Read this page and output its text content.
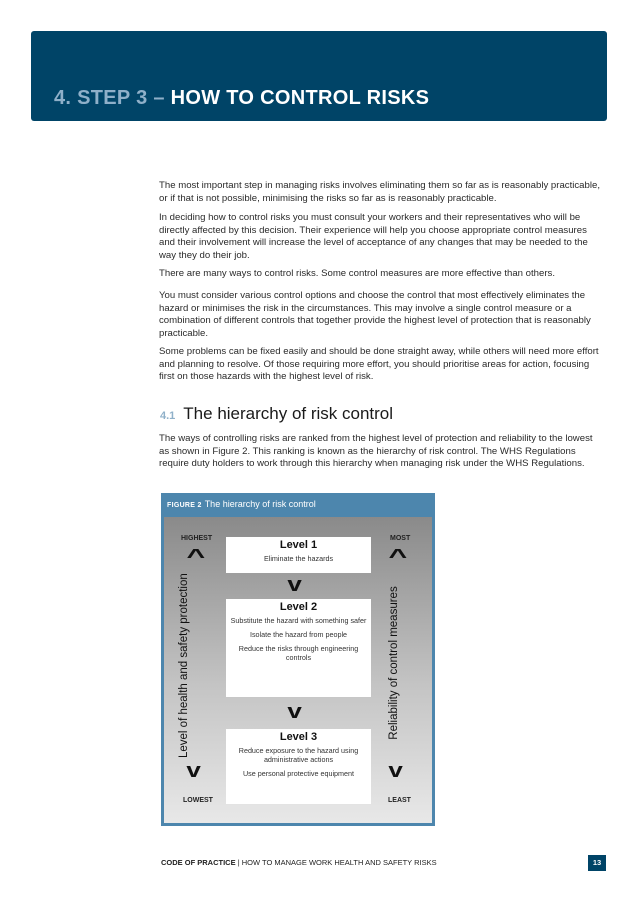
4. STEP 3 – HOW TO CONTROL RISKS

The most important step in managing risks involves eliminating them so far as is reasonably practicable, or if that is not possible, minimising the risks so far as is reasonably practicable.

In deciding how to control risks you must consult your workers and their representatives who will be directly affected by this decision. Their experience will help you choose appropriate control measures and their involvement will increase the level of acceptance of any changes that may be needed to the way they do their job.

There are many ways to control risks. Some control measures are more effective than others.

You must consider various control options and choose the control that most effectively eliminates the hazard or minimises the risk in the circumstances. This may involve a single control measure or a combination of different controls that together provide the highest level of protection that is reasonably practicable.

Some problems can be fixed easily and should be done straight away, while others will need more effort and planning to resolve. Of those requiring more effort, you should prioritise areas for action, focusing first on those hazards with the highest level of risk.

4.1 The hierarchy of risk control

The ways of controlling risks are ranked from the highest level of protection and reliability to the lowest as shown in Figure 2. This ranking is known as the hierarchy of risk control. The WHS Regulations require duty holders to work through this hierarchy when managing risk under the WHS Regulations.

FIGURE 2 The hierarchy of risk control
HIGHEST
LOWEST
MOST
LEAST
^	^
v	v
v
v
Level of health and safety protection	Reliability of control measures
Level 1

Eliminate the hazards

Level 2

Substitute the hazard with something safer

Isolate the hazard from people

Reduce the risks through engineering controls

Level 3

Reduce exposure to the hazard using administrative actions

Use personal protective equipment

CODE OF PRACTICE | HOW TO MANAGE WORK HEALTH AND SAFETY RISKS	13
